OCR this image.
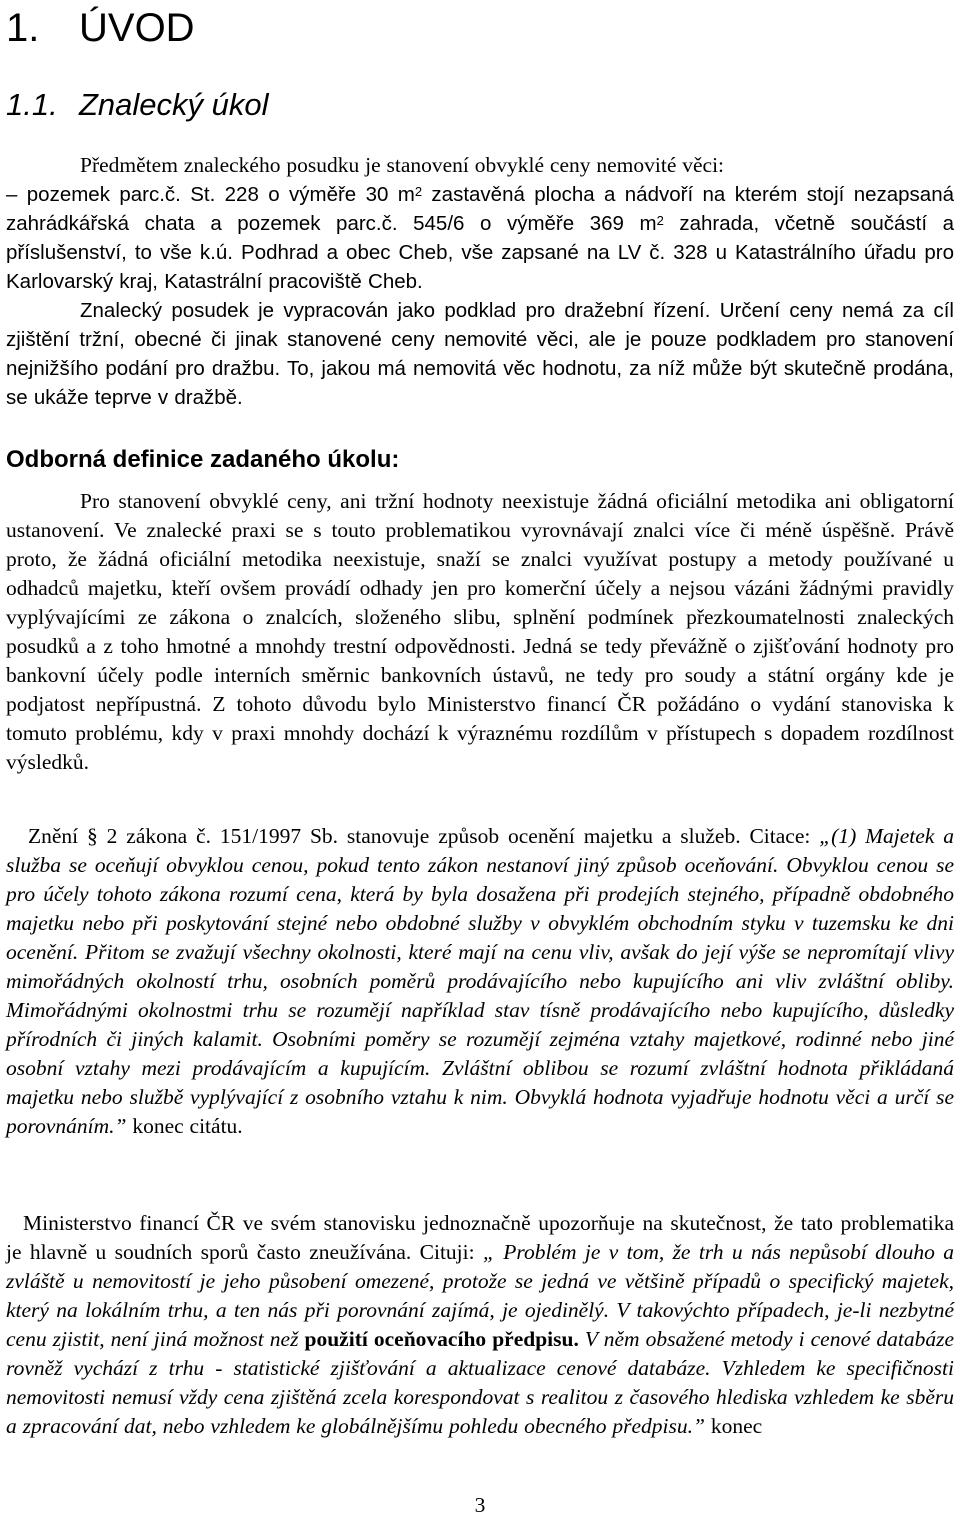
1. ÚVOD
1.1. Znalecký úkol

Předmětem znaleckého posudku je stanovení obvyklé ceny nemovité věci:

– pozemek parc.č. St. 228 o výměře 30 $m^2$ zastavěná plocha a nádvoří na kterém stojí nezapsaná zahrádkářská chata a pozemek parc.č. 545/6 o výměře 369 $m^2$ zahrada, včetně součástí a příslušenství, to vše k.ú. Podhrad a obec Cheb, vše zapsané na LV č. 328 u Katastrálního úřadu pro Karlovarský kraj, Katastrální pracoviště Cheb.

Znalecký posudek je vypracován jako podklad pro dražební řízení. Určení ceny nemá za cíl zjištění tržní, obecné či jinak stanovené ceny nemovité věci, ale je pouze podkladem pro stanovení nejnižšího podání pro dražbu. To, jakou má nemovitá věc hodnotu, za níž může být skutečně prodána, se ukáže teprve v dražbě.

Odborná definice zadaného úkolu:

Pro stanovení obvyklé ceny, ani tržní hodnoty neexistuje žádná oficiální metodika ani obligatorní ustanovení. Ve znalecké praxi se s touto problematikou vyrovnávají znalci více či méně úspěšně. Právě proto, že žádná oficiální metodika neexistuje, snaží se znalci využívat postupy a metody používané u odhadců majetku, kteří ovšem provádí odhady jen pro komerční účely a nejsou vázáni žádnými pravidly vyplývajícími ze zákona o znalcích, složeného slibu, splnění podmínek přezkoumatelnosti znaleckých posudků a z toho hmotné a mnohdy trestní odpovědnosti. Jedná se tedy převážně o zjišťování hodnoty pro bankovní účely podle interních směrnic bankovních ústavů, ne tedy pro soudy a státní orgány kde je podjatost nepřípustná. Z tohoto důvodu bylo Ministerstvo financí ČR požádáno o vydání stanoviska k tomuto problému, kdy v praxi mnohdy dochází k výraznému rozdílům v přístupech s dopadem rozdílnost výsledků.

Znění § 2 zákona č. 151/1997 Sb. stanovuje způsob ocenění majetku a služeb. Citace: „(1) Majetek a služba se oceňují obvyklou cenou, pokud tento zákon nestanoví jiný způsob oceňování. Obvyklou cenou se pro účely tohoto zákona rozumí cena, která by byla dosažena při prodejích stejného, případně obdobného majetku nebo při poskytování stejné nebo obdobné služby v obvyklém obchodním styku v tuzemsku ke dni ocenění. Přitom se zvažují všechny okolnosti, které mají na cenu vliv, avšak do její výše se nepromítají vlivy mimořádných okolností trhu, osobních poměrů prodávajícího nebo kupujícího ani vliv zvláštní obliby. Mimořádnými okolnostmi trhu se rozumějí například stav tísně prodávajícího nebo kupujícího, důsledky přírodních či jiných kalamit. Osobními poměry se rozumějí zejména vztahy majetkové, rodinné nebo jiné osobní vztahy mezi prodávajícím a kupujícím. Zvláštní oblibou se rozumí zvláštní hodnota přikládaná majetku nebo službě vyplývající z osobního vztahu k nim. Obvyklá hodnota vyjadřuje hodnotu věci a určí se porovnáním.” konec citátu.

Ministerstvo financí ČR ve svém stanovisku jednoznačně upozorňuje na skutečnost, že tato problematika je hlavně u soudních sporů často zneužívána. Cituji: „ Problém je v tom, že trh u nás nepůsobí dlouho a zvláště u nemovitostí je jeho působení omezené, protože se jedná ve většině případů o specifický majetek, který na lokálním trhu, a ten nás při porovnání zajímá, je ojedinělý. V takovýchto případech, je-li nezbytné cenu zjistit, není jiná možnost než použití oceňovacího předpisu. V něm obsažené metody i cenové databáze rovněž vychází z trhu - statistické zjišťování a aktualizace cenové databáze. Vzhledem ke specifičnosti nemovitosti nemusí vždy cena zjištěná zcela korespondovat s realitou z časového hlediska vzhledem ke sběru a zpracování dat, nebo vzhledem ke globálnějšímu pohledu obecného předpisu.” konec

3
